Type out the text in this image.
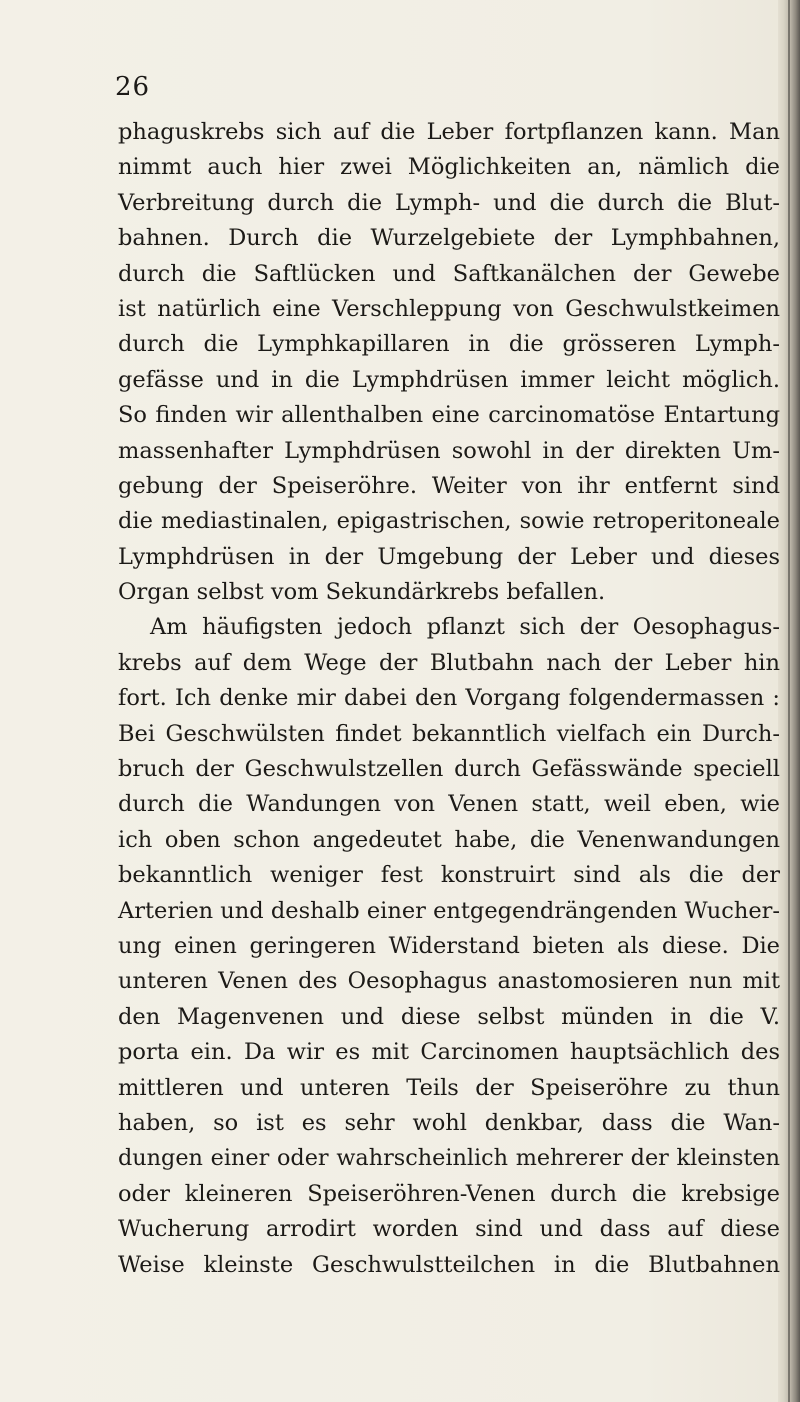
26
phaguskrebs sich auf die Leber fortpflanzen kann. Man
nimmt auch hier zwei Möglichkeiten an, nämlich die
Verbreitung durch die Lymph- und die durch die Blut-
bahnen. Durch die Wurzelgebiete der Lymphbahnen,
durch die Saftlücken und Saftkanälchen der Gewebe
ist natürlich eine Verschleppung von Geschwulstkeimen
durch die Lymphkapillaren in die grösseren Lymph-
gefässe und in die Lymphdrüsen immer leicht möglich.
So finden wir allenthalben eine carcinomatöse Entartung
massenhafter Lymphdrüsen sowohl in der direkten Um-
gebung der Speiseröhre. Weiter von ihr entfernt sind
die mediastinalen, epigastrischen, sowie retroperitoneale
Lymphdrüsen in der Umgebung der Leber und dieses
Organ selbst vom Sekundärkrebs befallen.
Am häufigsten jedoch pflanzt sich der Oesophagus-
krebs auf dem Wege der Blutbahn nach der Leber hin
fort. Ich denke mir dabei den Vorgang folgendermassen :
Bei Geschwülsten findet bekanntlich vielfach ein Durch-
bruch der Geschwulstzellen durch Gefässwände speciell
durch die Wandungen von Venen statt, weil eben, wie
ich oben schon angedeutet habe, die Venenwandungen
bekanntlich weniger fest konstruirt sind als die der
Arterien und deshalb einer entgegendrängenden Wucher-
ung einen geringeren Widerstand bieten als diese. Die
unteren Venen des Oesophagus anastomosieren nun mit
den Magenvenen und diese selbst münden in die V.
porta ein. Da wir es mit Carcinomen hauptsächlich des
mittleren und unteren Teils der Speiseröhre zu thun
haben, so ist es sehr wohl denkbar, dass die Wan-
dungen einer oder wahrscheinlich mehrerer der kleinsten
oder kleineren Speiseröhren-Venen durch die krebsige
Wucherung arrodirt worden sind und dass auf diese
Weise kleinste Geschwulstteilchen in die Blutbahnen
